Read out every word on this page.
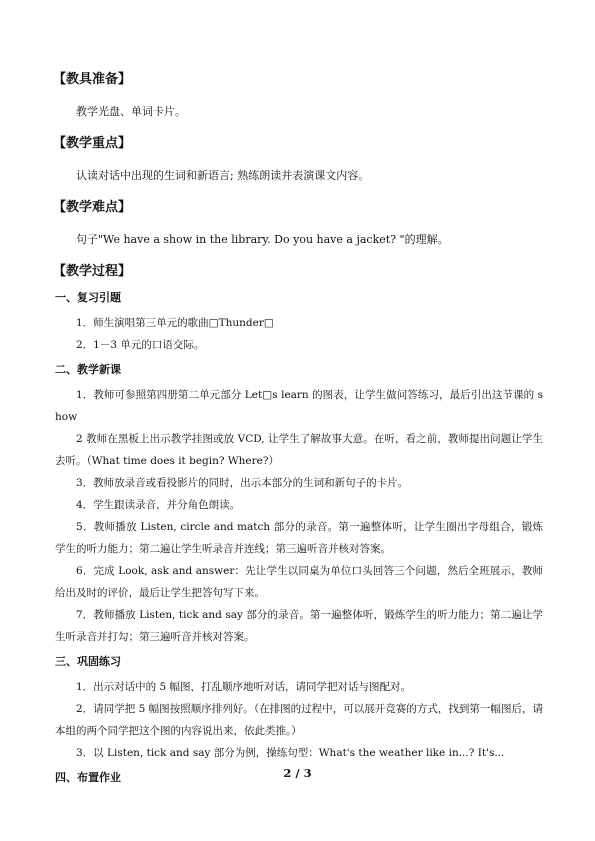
【教具准备】
教学光盘、单词卡片。
【教学重点】
认读对话中出现的生词和新语言; 熟练朗读并表演课文内容。
【教学难点】
句子"We have a show in the library. Do you have a jacket? "的理解。
【教学过程】
一、复习引题

1．师生演唱第三单元的歌曲□Thunder□

2．1－3 单元的口语交际。

二、教学新课

1．教师可参照第四册第二单元部分 Let□s learn 的图表，让学生做问答练习，最后引出这节课的 show

2 教师在黑板上出示教学挂图或放 VCD, 让学生了解故事大意。在听，看之前，教师提出问题让学生去听。（What time does it begin? Where?）

3．教师放录音或看投影片的同时，出示本部分的生词和新句子的卡片。

4．学生跟读录音，并分角色朗读。

5．教师播放 Listen, circle and match 部分的录音。第一遍整体听，让学生圈出字母组合，锻炼学生的听力能力；第二遍让学生听录音并连线；第三遍听音并核对答案。

6．完成 Look, ask and answer：先让学生以同桌为单位口头回答三个问题，然后全班展示，教师给出及时的评价，最后让学生把答句写下来。

7．教师播放 Listen, tick and say 部分的录音。第一遍整体听，锻炼学生的听力能力；第二遍让学生听录音并打勾；第三遍听音并核对答案。

三、巩固练习

1．出示对话中的 5 幅图，打乱顺序地听对话，请同学把对话与图配对。

2．请同学把 5 幅图按照顺序排列好。（在排图的过程中，可以展开竞赛的方式，找到第一幅图后，请本组的两个同学把这个图的内容说出来，依此类推。）

3．以 Listen, tick and say 部分为例，操练句型：What's the weather like in...? It's...

四、布置作业	2 / 3
